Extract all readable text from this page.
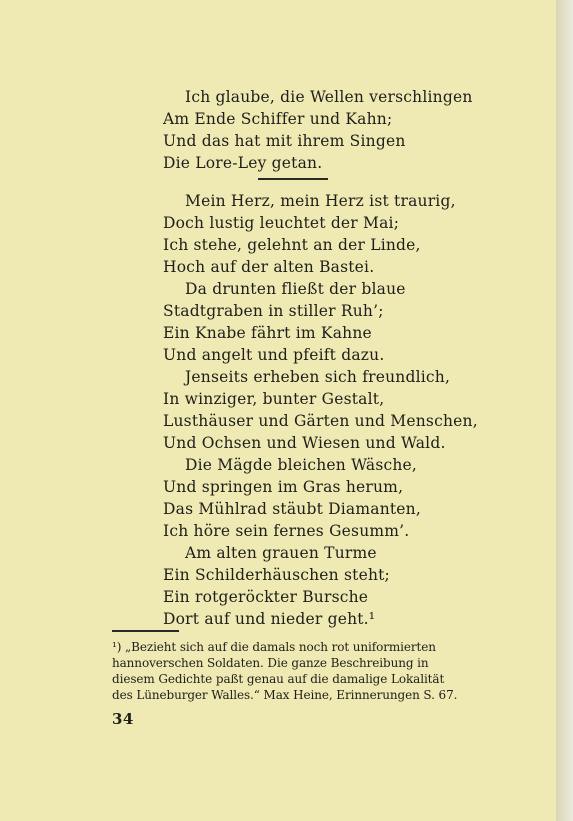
Ich glaube, die Wellen verschlingen
Am Ende Schiffer und Kahn;
Und das hat mit ihrem Singen
Die Lore-Ley getan.
Mein Herz, mein Herz ist traurig,
Doch lustig leuchtet der Mai;
Ich stehe, gelehnt an der Linde,
Hoch auf der alten Bastei.
Da drunten fließt der blaue
Stadtgraben in stiller Ruh’;
Ein Knabe fährt im Kahne
Und angelt und pfeift dazu.
Jenseits erheben sich freundlich,
In winziger, bunter Gestalt,
Lusthäuser und Gärten und Menschen,
Und Ochsen und Wiesen und Wald.
Die Mägde bleichen Wäsche,
Und springen im Gras herum,
Das Mühlrad stäubt Diamanten,
Ich höre sein fernes Gesumm’.
Am alten grauen Turme
Ein Schilderhäuschen steht;
Ein rotgeröckter Bursche
Dort auf und nieder geht.¹
¹) „Bezieht sich auf die damals noch rot uniformierten
hannoverschen Soldaten. Die ganze Beschreibung in
diesem Gedichte paßt genau auf die damalige Lokalität
des Lüneburger Walles.“ Max Heine, Erinnerungen S. 67.
34
